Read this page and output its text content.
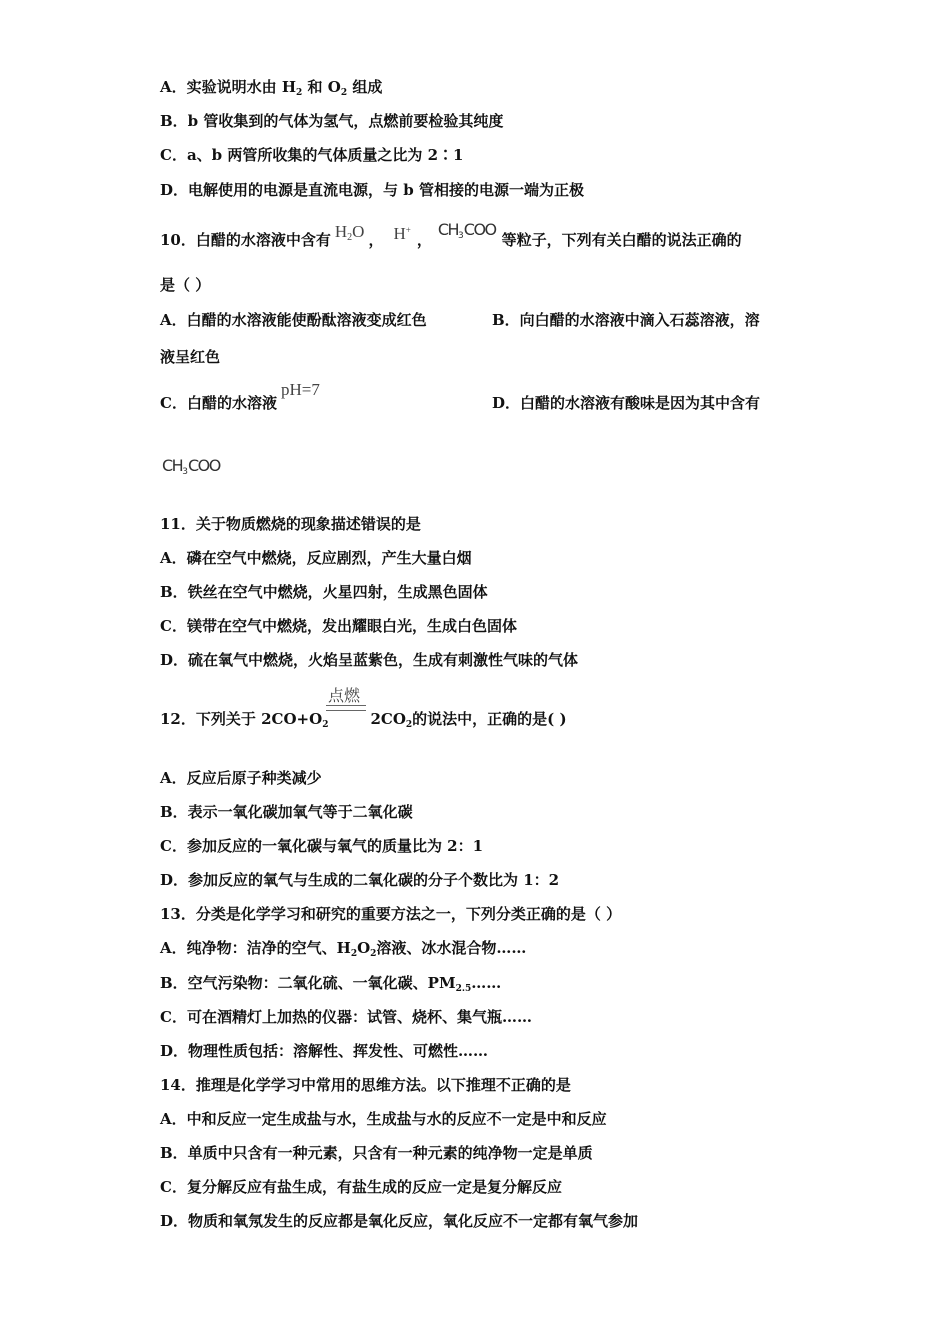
A．实验说明水由 $H_2$ 和 $O_2$ 组成
B．b 管收集到的气体为氢气，点燃前要检验其纯度
C．a、b 两管所收集的气体质量之比为 2∶1
D．电解使用的电源是直流电源，与 b 管相接的电源一端为正极
10．白醋的水溶液中含有 $H_2O$ ， H+，$CH_3COO$等粒子，下列有关白醋的说法正确的
是（ ）
A．白醋的水溶液能使酚酞溶液变成红色	B．向白醋的水溶液中滴入石蕊溶液，溶
液呈红色
C．白醋的水溶液pH=7
D．白醋的水溶液有酸味是因为其中含有
$CH_3COO$
11．关于物质燃烧的现象描述错误的是
A．磷在空气中燃烧，反应剧烈，产生大量白烟
B．铁丝在空气中燃烧，火星四射，生成黑色固体
C．镁带在空气中燃烧，发出耀眼白光，生成白色固体
D．硫在氧气中燃烧，火焰呈蓝紫色，生成有刺激性气味的气体
12．下列关于 $2CO+O_2$	$2CO_2$的说法中，正确的是( )
点燃
A．反应后原子种类减少
B．表示一氧化碳加氧气等于二氧化碳
C．参加反应的一氧化碳与氧气的质量比为 2：1
D．参加反应的氧气与生成的二氧化碳的分子个数比为 1：2
13．分类是化学学习和研究的重要方法之一，下列分类正确的是（ ）
A．纯净物：洁净的空气、$H_2O_2$溶液、冰水混合物……
B．空气污染物：二氧化硫、一氧化碳、$PM_{2.5}\dots\dots$
C．可在酒精灯上加热的仪器：试管、烧杯、集气瓶……
D．物理性质包括：溶解性、挥发性、可燃性……
14．推理是化学学习中常用的思维方法。以下推理不正确的是
A．中和反应一定生成盐与水，生成盐与水的反应不一定是中和反应
B．单质中只含有一种元素，只含有一种元素的纯净物一定是单质
C．复分解反应有盐生成，有盐生成的反应一定是复分解反应
D．物质和氧氖发生的反应都是氧化反应，氧化反应不一定都有氧气参加
